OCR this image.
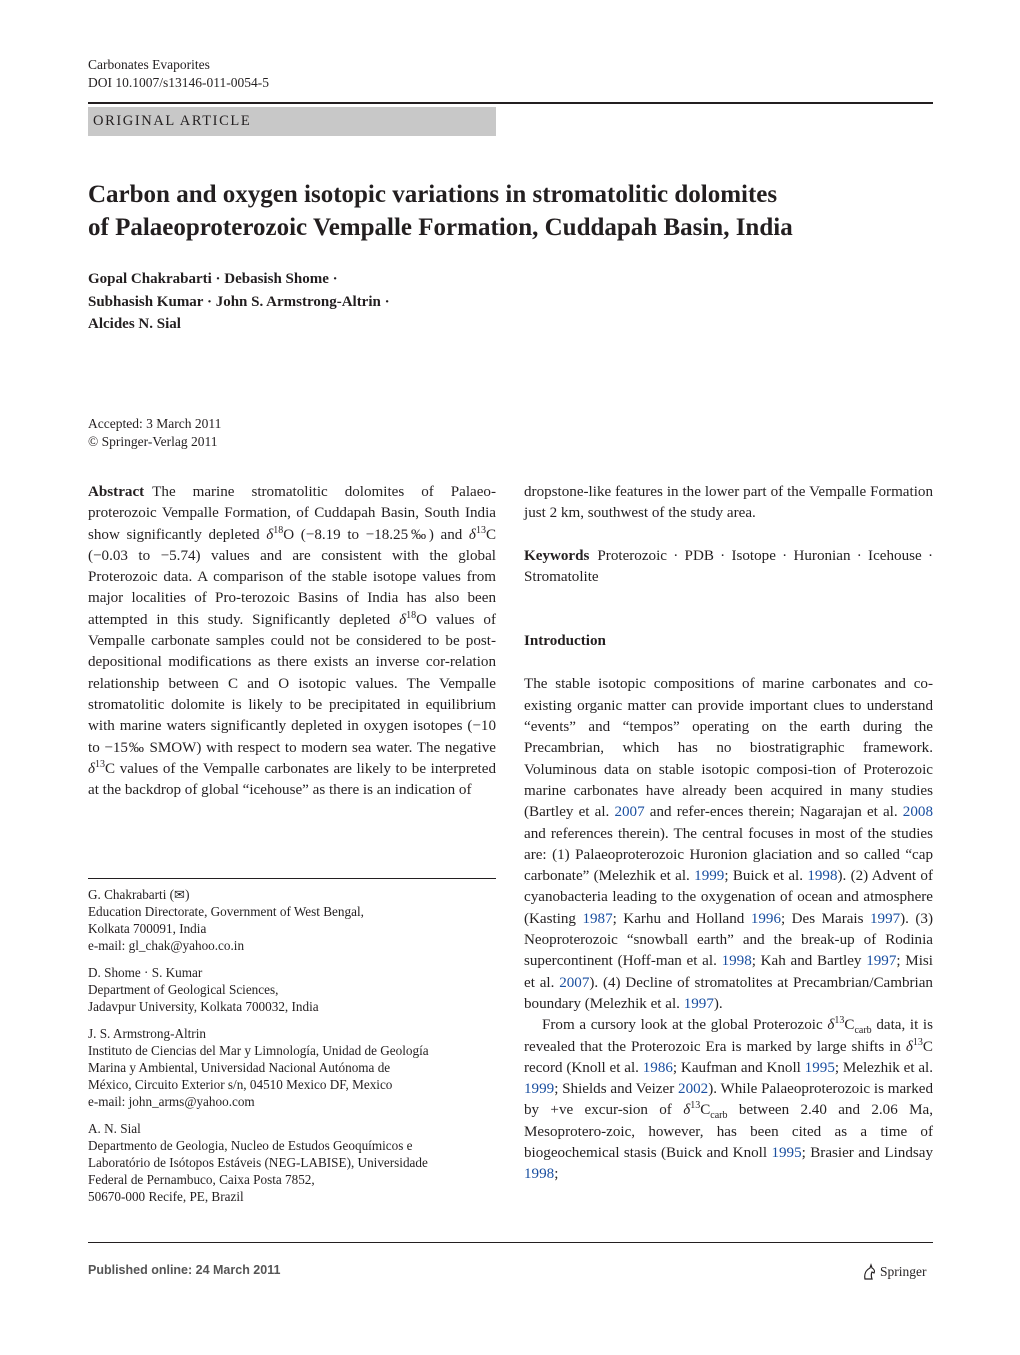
Carbonates Evaporites
DOI 10.1007/s13146-011-0054-5
ORIGINAL ARTICLE
Carbon and oxygen isotopic variations in stromatolitic dolomites
of Palaeoproterozoic Vempalle Formation, Cuddapah Basin, India
Gopal Chakrabarti · Debasish Shome ·
Subhasish Kumar · John S. Armstrong-Altrin ·
Alcides N. Sial
Accepted: 3 March 2011
© Springer-Verlag 2011

Abstract The marine stromatolitic dolomites of Palaeo-proterozoic Vempalle Formation, of Cuddapah Basin, South India show significantly depleted $\delta^{18}O$ (−8.19 to −18.25‰) and $\delta^{13}C$ (−0.03 to −5.74) values and are consistent with the global Proterozoic data. A comparison of the stable isotope values from major localities of Pro-terozoic Basins of India has also been attempted in this study. Significantly depleted $\delta^{18}O$ values of Vempalle carbonate samples could not be considered to be post-depositional modifications as there exists an inverse cor-relation relationship between C and O isotopic values. The Vempalle stromatolitic dolomite is likely to be precipitated in equilibrium with marine waters significantly depleted in oxygen isotopes (−10 to −15‰ SMOW) with respect to modern sea water. The negative $\delta^{13}C$ values of the Vempalle carbonates are likely to be interpreted at the backdrop of global “icehouse” as there is an indication of

G. Chakrabarti (✉)
Education Directorate, Government of West Bengal,
Kolkata 700091, India
e-mail: gl_chak@yahoo.co.in
D. Shome · S. Kumar
Department of Geological Sciences,
Jadavpur University, Kolkata 700032, India
J. S. Armstrong-Altrin
Instituto de Ciencias del Mar y Limnología, Unidad de Geología
Marina y Ambiental, Universidad Nacional Autónoma de
México, Circuito Exterior s/n, 04510 Mexico DF, Mexico
e-mail: john_arms@yahoo.com
A. N. Sial
Departmento de Geologia, Nucleo de Estudos Geoquímicos e
Laboratório de Isótopos Estáveis (NEG-LABISE), Universidade
Federal de Pernambuco, Caixa Posta 7852,
50670-000 Recife, PE, Brazil

dropstone-like features in the lower part of the Vempalle Formation just 2 km, southwest of the study area.

Keywords Proterozoic · PDB · Isotope · Huronian · Icehouse · Stromatolite

Introduction

The stable isotopic compositions of marine carbonates and co-existing organic matter can provide important clues to understand “events” and “tempos” operating on the earth during the Precambrian, which has no biostratigraphic framework. Voluminous data on stable isotopic composi-tion of Proterozoic marine carbonates have already been acquired in many studies (Bartley et al. 2007 and refer-ences therein; Nagarajan et al. 2008 and references therein). The central focuses in most of the studies are: (1) Palaeoproterozoic Huronion glaciation and so called “cap carbonate” (Melezhik et al. 1999; Buick et al. 1998). (2) Advent of cyanobacteria leading to the oxygenation of ocean and atmosphere (Kasting 1987; Karhu and Holland 1996; Des Marais 1997). (3) Neoproterozoic “snowball earth” and the break-up of Rodinia supercontinent (Hoff-man et al. 1998; Kah and Bartley 1997; Misi et al. 2007). (4) Decline of stromatolites at Precambrian/Cambrian boundary (Melezhik et al. 1997).

From a cursory look at the global Proterozoic $\delta^{13}C_{carb}$ data, it is revealed that the Proterozoic Era is marked by large shifts in $\delta^{13}C$ record (Knoll et al. 1986; Kaufman and Knoll 1995; Melezhik et al. 1999; Shields and Veizer 2002). While Palaeoproterozoic is marked by +ve excur-sion of $\delta^{13}C_{carb}$ between 2.40 and 2.06 Ma, Mesoprotero-zoic, however, has been cited as a time of biogeochemical stasis (Buick and Knoll 1995; Brasier and Lindsay 1998;

Published online: 24 March 2011	Springer
